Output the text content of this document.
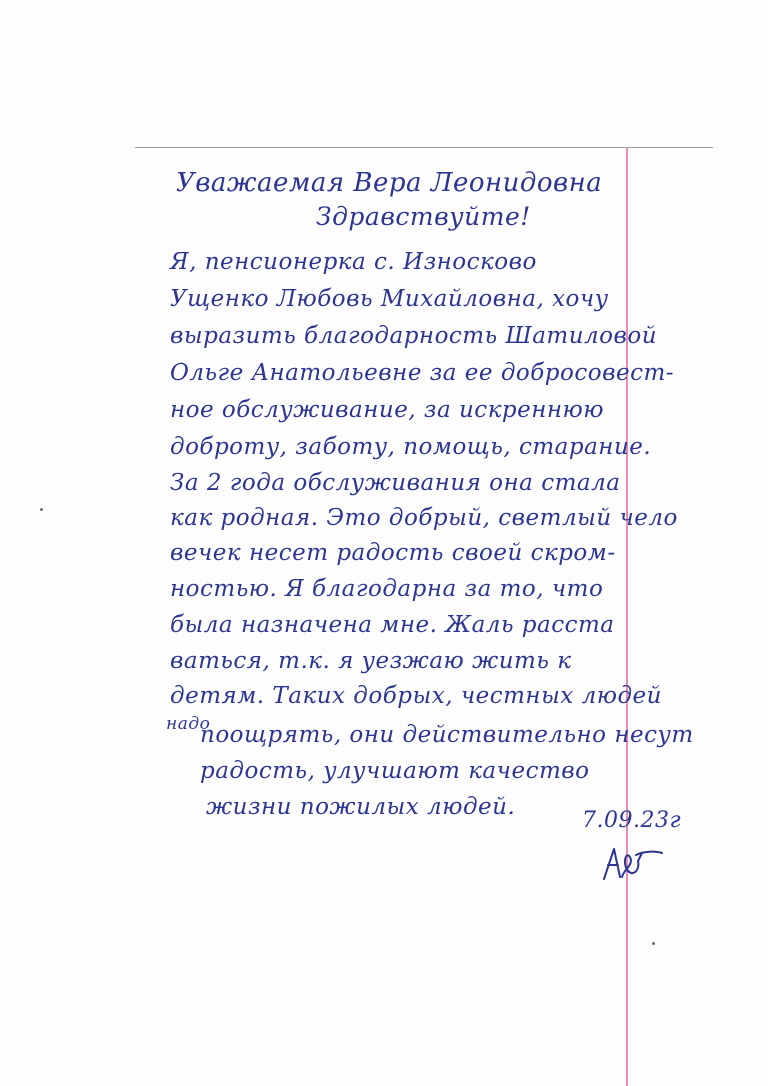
Уважаемая Вера Леонидовна

Здравствуйте!

Я, пенсионерка с. Износково

Ущенко Любовь Михайловна, хочу

выразить благодарность Шатиловой

Ольге Анатольевне за ее добросовест-

ное обслуживание, за искреннюю

доброту, заботу, помощь, старание.

За 2 года обслуживания она стала

как родная. Это добрый, светлый чело

вечек несет радость своей скром-

ностью. Я благодарна за то, что

была назначена мне. Жаль расста

ваться, т.к. я уезжаю жить к

детям. Таких добрых, честных людей

поощрять, они действительно несут

радость, улучшают качество

жизни пожилых людей.

надо

7.09.23г
